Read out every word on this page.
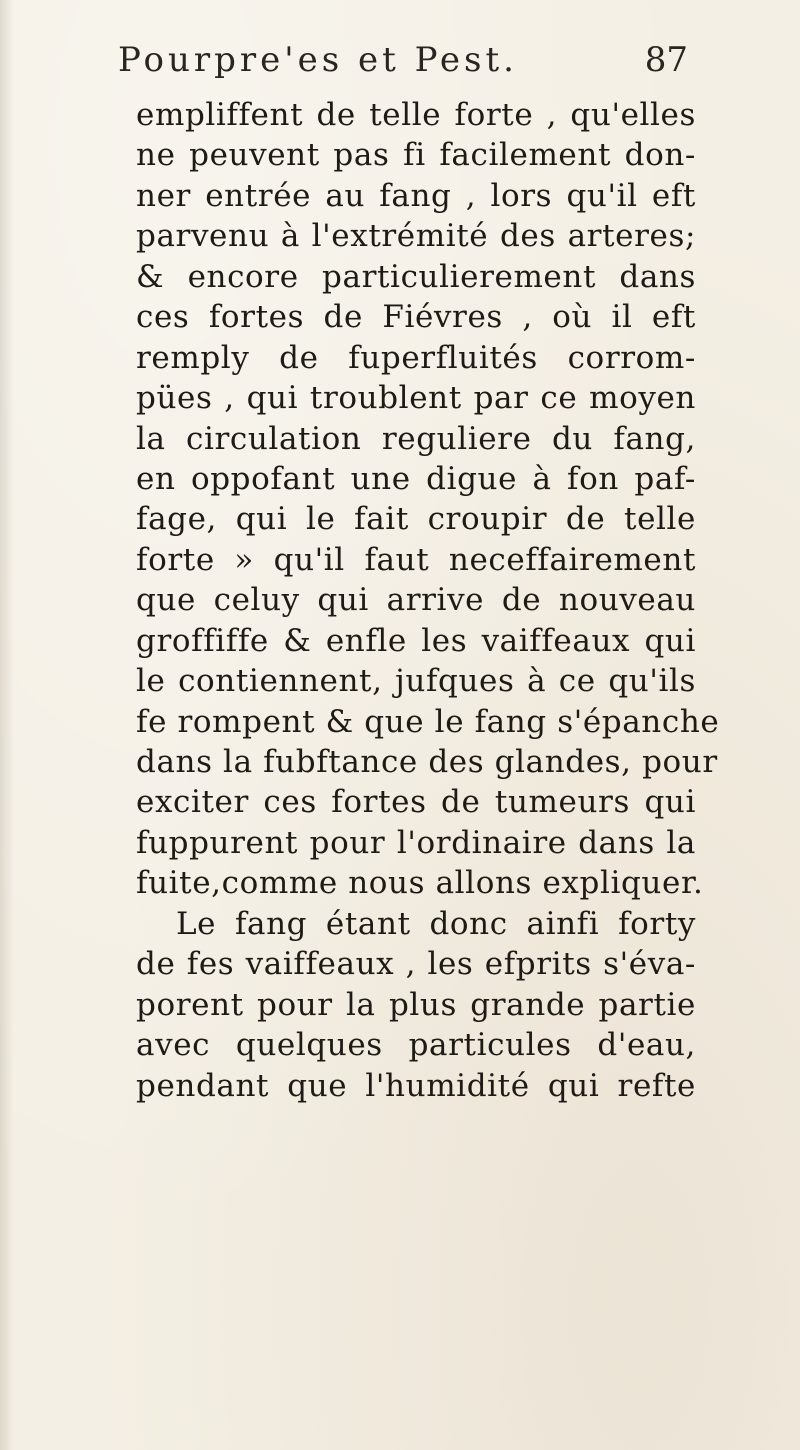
Pourpre'es et Pest.	87
empliffent de telle forte , qu'elles
ne peuvent pas fi facilement don-
ner entrée au fang , lors qu'il eft
parvenu à l'extrémité des arteres;
& encore particulierement dans
ces fortes de Fiévres , où il eft
remply de fuperfluités corrom-
pües , qui troublent par ce moyen
la circulation reguliere du fang,
en oppofant une digue à fon paf-
fage, qui le fait croupir de telle
forte » qu'il faut neceffairement
que celuy qui arrive de nouveau
groffiffe & enfle les vaiffeaux qui
le contiennent, jufques à ce qu'ils
fe rompent & que le fang s'épanche
dans la fubftance des glandes, pour
exciter ces fortes de tumeurs qui
fuppurent pour l'ordinaire dans la
fuite,comme nous allons expliquer.
Le fang étant donc ainfi forty
de fes vaiffeaux , les efprits s'éva-
porent pour la plus grande partie
avec quelques particules d'eau,
pendant que l'humidité qui refte
